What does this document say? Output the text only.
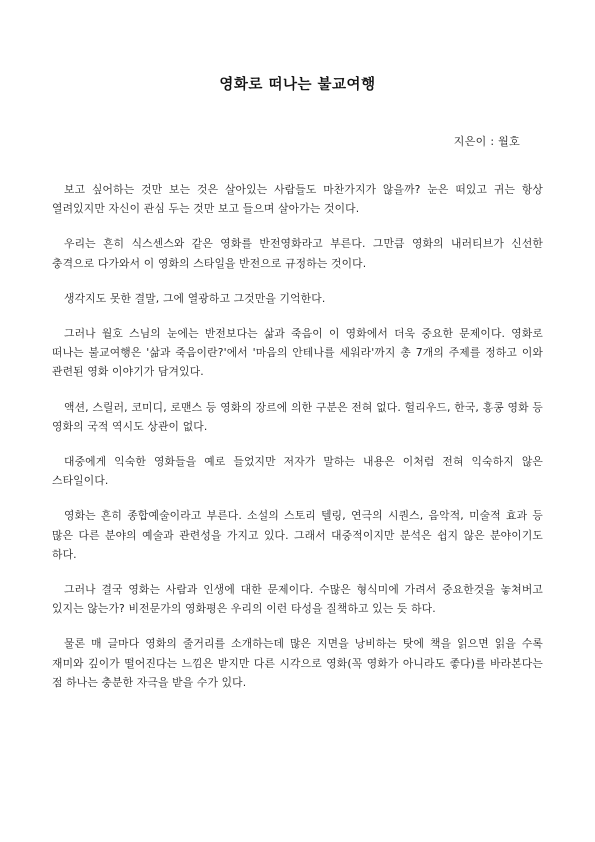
영화로 떠나는 불교여행
지은이 : 월호

보고 싶어하는 것만 보는 것은 살아있는 사람들도 마찬가지가 않을까? 눈은 떠있고 귀는 항상 열려있지만 자신이 관심 두는 것만 보고 들으며 살아가는 것이다.

우리는 흔히 식스센스와 같은 영화를 반전영화라고 부른다. 그만큼 영화의 내러티브가 신선한 충격으로 다가와서 이 영화의 스타일을 반전으로 규정하는 것이다.

생각지도 못한 결말, 그에 열광하고 그것만을 기억한다.

그러나 월호 스님의 눈에는 반전보다는 삶과 죽음이 이 영화에서 더욱 중요한 문제이다. 영화로 떠나는 불교여행은 '삶과 죽음이란?'에서 '마음의 안테나를 세워라'까지 총 7개의 주제를 정하고 이와 관련된 영화 이야기가 담겨있다.

액션, 스릴러, 코미디, 로맨스 등 영화의 장르에 의한 구분은 전혀 없다. 헐리우드, 한국, 홍콩 영화 등 영화의 국적 역시도 상관이 없다.

대중에게 익숙한 영화들을 예로 들었지만 저자가 말하는 내용은 이처럼 전혀 익숙하지 않은 스타일이다.

영화는 흔히 종합예술이라고 부른다. 소설의 스토리 텔링, 연극의 시퀀스, 음악적, 미술적 효과 등 많은 다른 분야의 예술과 관련성을 가지고 있다. 그래서 대중적이지만 분석은 쉽지 않은 분야이기도 하다.

그러나 결국 영화는 사람과 인생에 대한 문제이다. 수많은 형식미에 가려서 중요한것을 놓쳐버고 있지는 않는가? 비전문가의 영화평은 우리의 이런 타성을 질책하고 있는 듯 하다.

물론 매 글마다 영화의 줄거리를 소개하는데 많은 지면을 낭비하는 탓에 책을 읽으면 읽을 수록 재미와 깊이가 떨어진다는 느낌은 받지만 다른 시각으로 영화(꼭 영화가 아니라도 좋다)를 바라본다는 점 하나는 충분한 자극을 받을 수가 있다.
